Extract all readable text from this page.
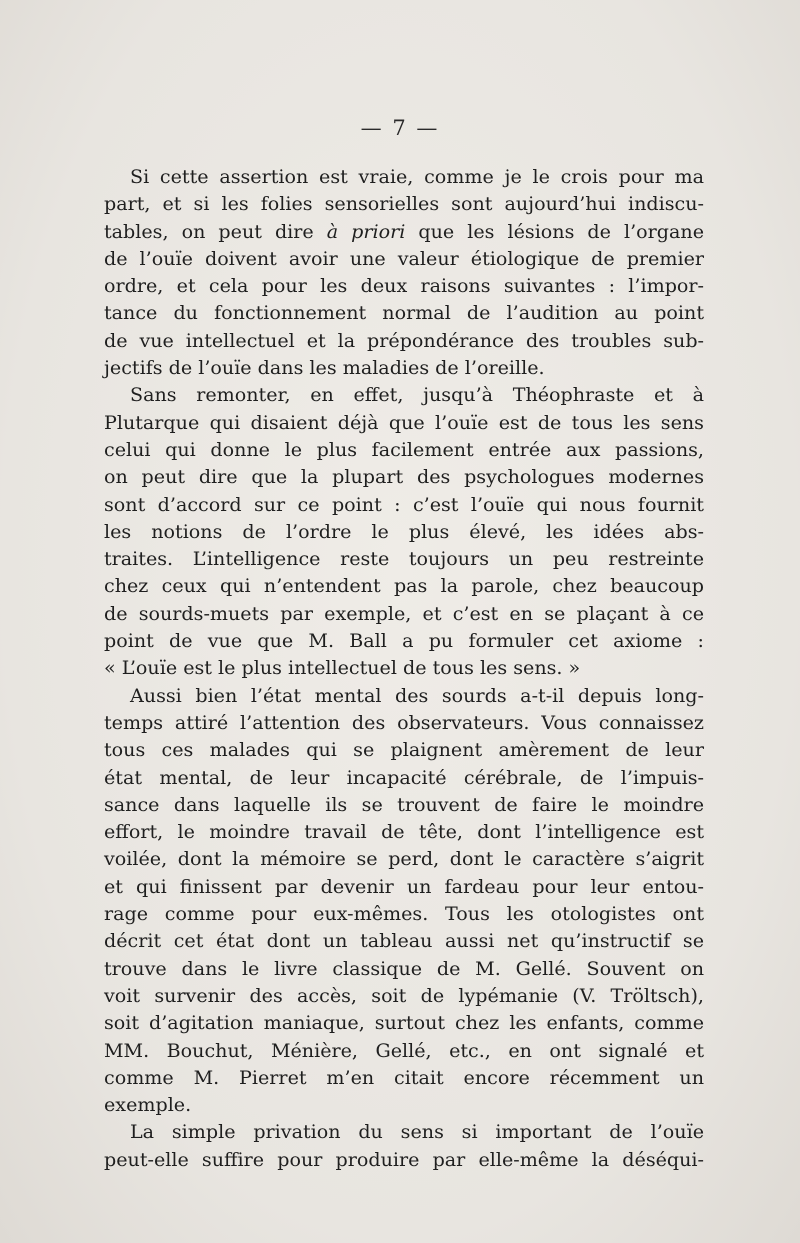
— 7 —
Si cette assertion est vraie, comme je le crois pour ma
part, et si les folies sensorielles sont aujourd’hui indiscu-
tables, on peut dire à priori que les lésions de l’organe
de l’ouïe doivent avoir une valeur étiologique de premier
ordre, et cela pour les deux raisons suivantes : l’impor-
tance du fonctionnement normal de l’audition au point
de vue intellectuel et la prépondérance des troubles sub-
jectifs de l’ouïe dans les maladies de l’oreille.
Sans remonter, en effet, jusqu’à Théophraste et à
Plutarque qui disaient déjà que l’ouïe est de tous les sens
celui qui donne le plus facilement entrée aux passions,
on peut dire que la plupart des psychologues modernes
sont d’accord sur ce point : c’est l’ouïe qui nous fournit
les notions de l’ordre le plus élevé, les idées abs-
traites. L’intelligence reste toujours un peu restreinte
chez ceux qui n’entendent pas la parole, chez beaucoup
de sourds-muets par exemple, et c’est en se plaçant à ce
point de vue que M. Ball a pu formuler cet axiome :
« L’ouïe est le plus intellectuel de tous les sens. »
Aussi bien l’état mental des sourds a-t-il depuis long-
temps attiré l’attention des observateurs. Vous connaissez
tous ces malades qui se plaignent amèrement de leur
état mental, de leur incapacité cérébrale, de l’impuis-
sance dans laquelle ils se trouvent de faire le moindre
effort, le moindre travail de tête, dont l’intelligence est
voilée, dont la mémoire se perd, dont le caractère s’aigrit
et qui finissent par devenir un fardeau pour leur entou-
rage comme pour eux-mêmes. Tous les otologistes ont
décrit cet état dont un tableau aussi net qu’instructif se
trouve dans le livre classique de M. Gellé. Souvent on
voit survenir des accès, soit de lypémanie (V. Tröltsch),
soit d’agitation maniaque, surtout chez les enfants, comme
MM. Bouchut, Ménière, Gellé, etc., en ont signalé et
comme M. Pierret m’en citait encore récemment un
exemple.
La simple privation du sens si important de l’ouïe
peut-elle suffire pour produire par elle-même la déséqui-
